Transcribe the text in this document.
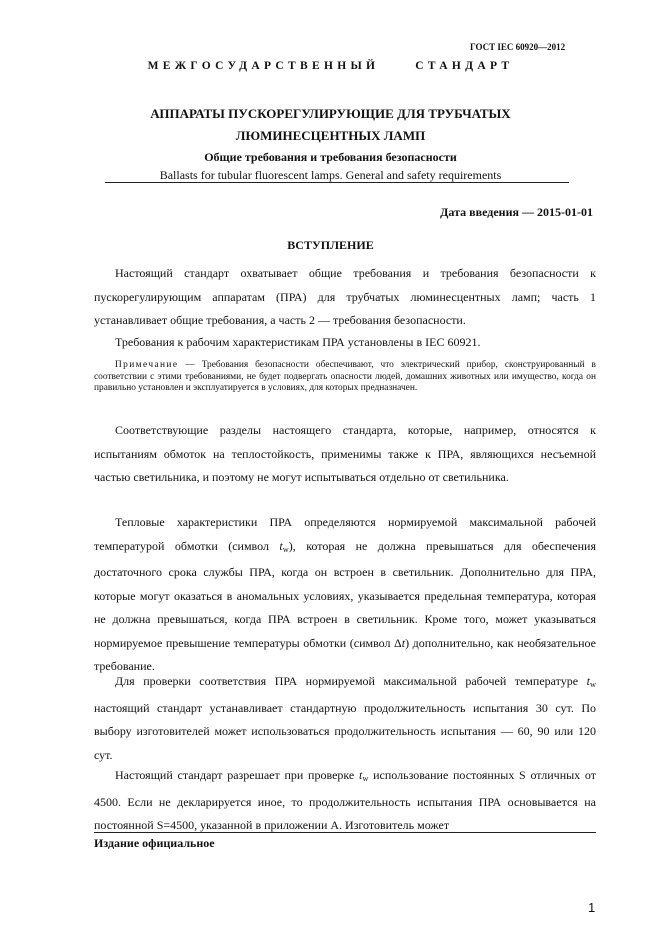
ГОСТ IEC 60920—2012
МЕЖГОСУДАРСТВЕННЫЙ	СТАНДАРТ
АППАРАТЫ ПУСКОРЕГУЛИРУЮЩИЕ ДЛЯ ТРУБЧАТЫХ
ЛЮМИНЕСЦЕНТНЫХ ЛАМП
Общие требования и требования безопасности
Ballasts for tubular fluorescent lamps. General and safety requirements
Дата введения — 2015-01-01
ВСТУПЛЕНИЕ
Настоящий стандарт охватывает общие требования и требования безопасности к пускорегулирующим аппаратам (ПРА) для трубчатых люминесцентных ламп; часть 1 устанавливает общие требования, а часть 2 — требования безопасности.
Требования к рабочим характеристикам ПРА установлены в IEC 60921.
Примечание — Требования безопасности обеспечивают, что электрический прибор, сконструированный в соответствии с этими требованиями, не будет подвергать опасности людей, домашних животных или имущество, когда он правильно установлен и эксплуатируется в условиях, для которых предназначен.
Соответствующие разделы настоящего стандарта, которые, например, относятся к испытаниям обмоток на теплостойкость, применимы также к ПРА, являющихся несъемной частью светильника, и поэтому не могут испытываться отдельно от светильника.
Тепловые характеристики ПРА определяются нормируемой максимальной рабочей температурой обмотки (символ $t_w$), которая не должна превышаться для обеспечения достаточного срока службы ПРА, когда он встроен в светильник. Дополнительно для ПРА, которые могут оказаться в аномальных условиях, указывается предельная температура, которая не должна превышаться, когда ПРА встроен в светильник. Кроме того, может указываться нормируемое превышение температуры обмотки (символ Δt) дополнительно, как необязательное требование.
Для проверки соответствия ПРА нормируемой максимальной рабочей температуре $t_w$ настоящий стандарт устанавливает стандартную продолжительность испытания 30 сут. По выбору изготовителей может использоваться продолжительность испытания — 60, 90 или 120 сут.
Настоящий стандарт разрешает при проверке $t_w$ использование постоянных S отличных от 4500. Если не декларируется иное, то продолжительность испытания ПРА основывается на постоянной S=4500, указанной в приложении A. Изготовитель может
Издание официальное
1
